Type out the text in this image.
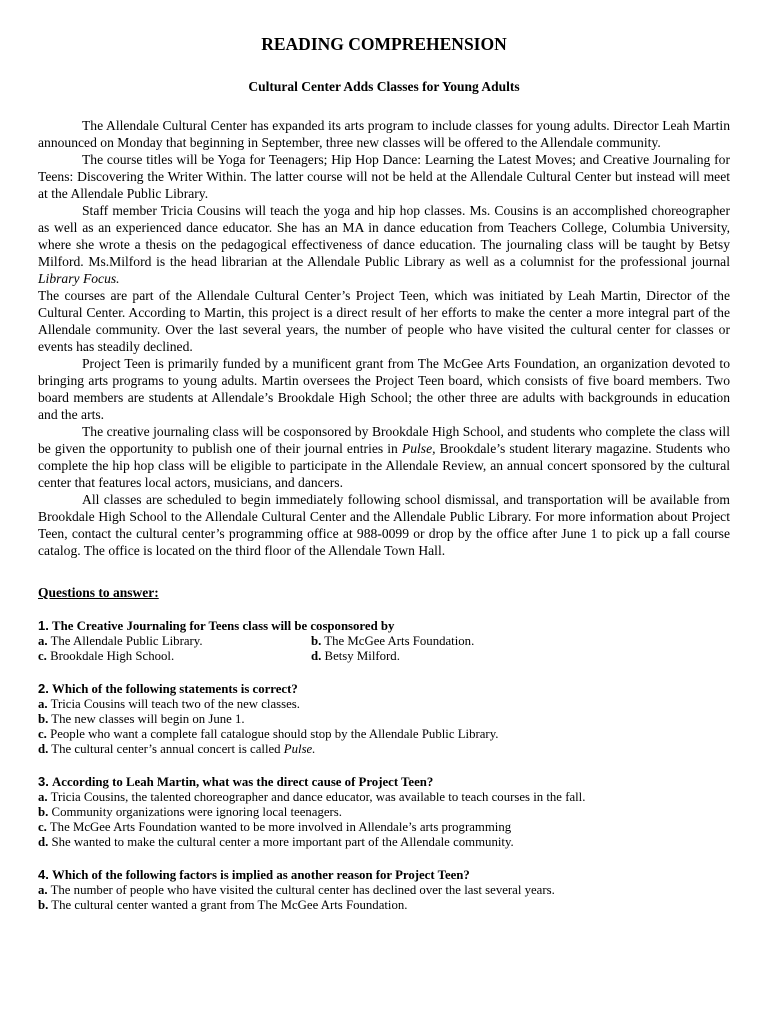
READING COMPREHENSION
Cultural Center Adds Classes for Young Adults

The Allendale Cultural Center has expanded its arts program to include classes for young adults. Director Leah Martin announced on Monday that beginning in September, three new classes will be offered to the Allendale community.

The course titles will be Yoga for Teenagers; Hip Hop Dance: Learning the Latest Moves; and Creative Journaling for Teens: Discovering the Writer Within. The latter course will not be held at the Allendale Cultural Center but instead will meet at the Allendale Public Library.

Staff member Tricia Cousins will teach the yoga and hip hop classes. Ms. Cousins is an accomplished choreographer as well as an experienced dance educator. She has an MA in dance education from Teachers College, Columbia University, where she wrote a thesis on the pedagogical effectiveness of dance education. The journaling class will be taught by Betsy Milford. Ms.Milford is the head librarian at the Allendale Public Library as well as a columnist for the professional journal Library Focus.

The courses are part of the Allendale Cultural Center’s Project Teen, which was initiated by Leah Martin, Director of the Cultural Center. According to Martin, this project is a direct result of her efforts to make the center a more integral part of the Allendale community. Over the last several years, the number of people who have visited the cultural center for classes or events has steadily declined.

Project Teen is primarily funded by a munificent grant from The McGee Arts Foundation, an organization devoted to bringing arts programs to young adults. Martin oversees the Project Teen board, which consists of five board members. Two board members are students at Allendale’s Brookdale High School; the other three are adults with backgrounds in education and the arts.

The creative journaling class will be cosponsored by Brookdale High School, and students who complete the class will be given the opportunity to publish one of their journal entries in Pulse, Brookdale’s student literary magazine. Students who complete the hip hop class will be eligible to participate in the Allendale Review, an annual concert sponsored by the cultural center that features local actors, musicians, and dancers.

All classes are scheduled to begin immediately following school dismissal, and transportation will be available from Brookdale High School to the Allendale Cultural Center and the Allendale Public Library. For more information about Project Teen, contact the cultural center’s programming office at 988-0099 or drop by the office after June 1 to pick up a fall course catalog. The office is located on the third floor of the Allendale Town Hall.

Questions to answer:
1. The Creative Journaling for Teens class will be cosponsored by
a. The Allendale Public Library.	b. The McGee Arts Foundation.
c. Brookdale High School.	d. Betsy Milford.
2. Which of the following statements is correct?
a. Tricia Cousins will teach two of the new classes.
b. The new classes will begin on June 1.
c. People who want a complete fall catalogue should stop by the Allendale Public Library.
d. The cultural center’s annual concert is called Pulse.
3. According to Leah Martin, what was the direct cause of Project Teen?
a. Tricia Cousins, the talented choreographer and dance educator, was available to teach courses in the fall.
b. Community organizations were ignoring local teenagers.
c. The McGee Arts Foundation wanted to be more involved in Allendale’s arts programming
d. She wanted to make the cultural center a more important part of the Allendale community.
4. Which of the following factors is implied as another reason for Project Teen?
a. The number of people who have visited the cultural center has declined over the last several years.
b. The cultural center wanted a grant from The McGee Arts Foundation.
